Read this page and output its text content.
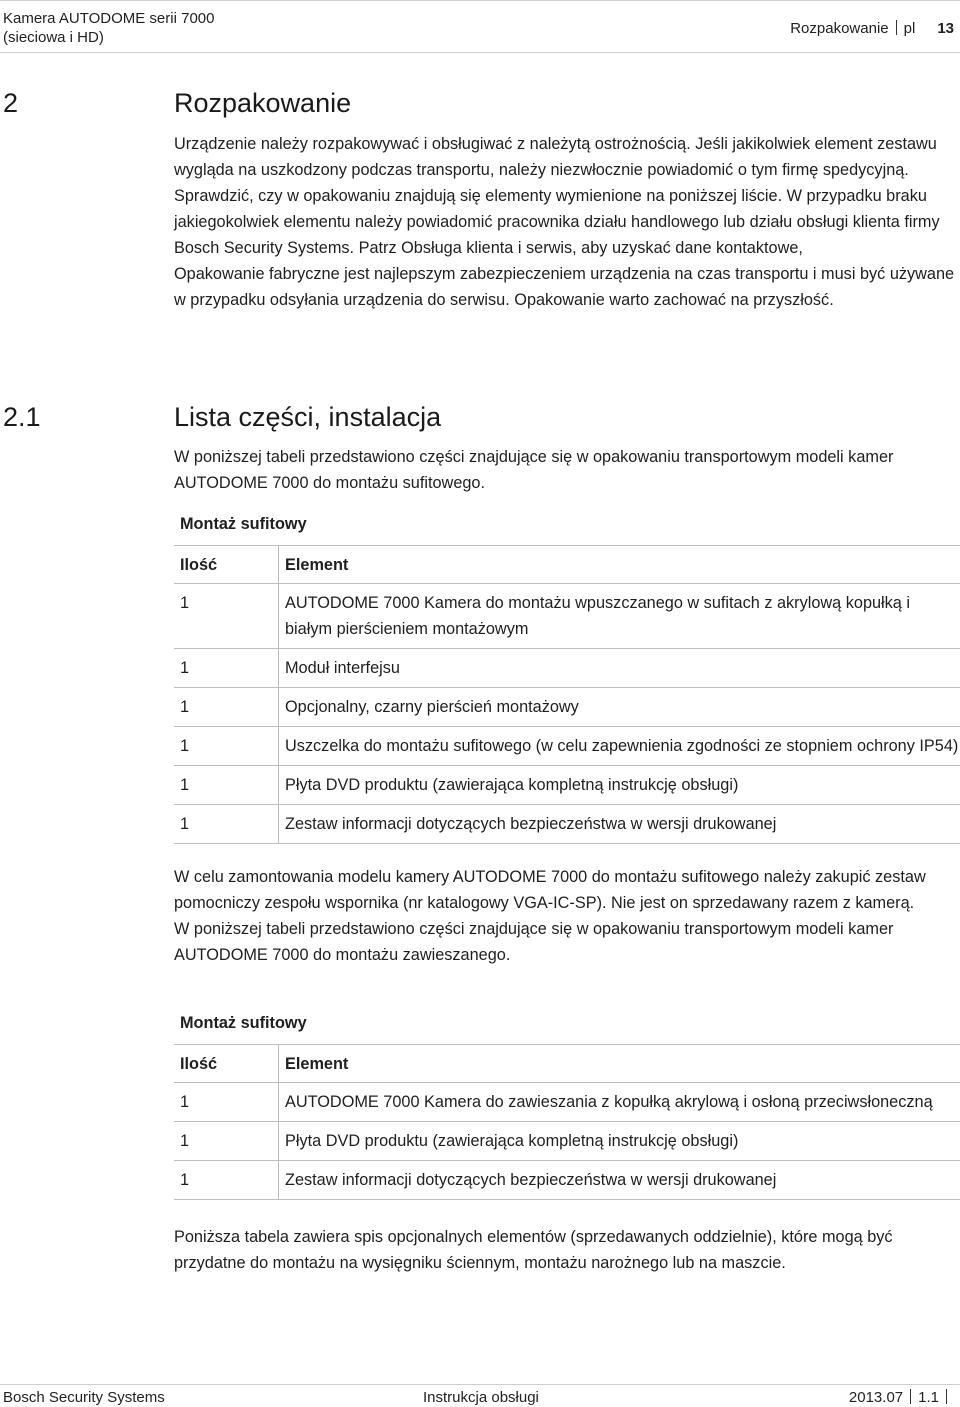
Kamera AUTODOME serii 7000
(sieciowa i HD)
Rozpakowanie pl 13
2	Rozpakowanie

Urządzenie należy rozpakowywać i obsługiwać z należytą ostrożnością. Jeśli jakikolwiek element zestawu wygląda na uszkodzony podczas transportu, należy niezwłocznie powiadomić o tym firmę spedycyjną.

Sprawdzić, czy w opakowaniu znajdują się elementy wymienione na poniższej liście. W przypadku braku jakiegokolwiek elementu należy powiadomić pracownika działu handlowego lub działu obsługi klienta firmy Bosch Security Systems. Patrz Obsługa klienta i serwis, aby uzyskać dane kontaktowe,

Opakowanie fabryczne jest najlepszym zabezpieczeniem urządzenia na czas transportu i musi być używane w przypadku odsyłania urządzenia do serwisu. Opakowanie warto zachować na przyszłość.

2.1	Lista części, instalacja
W poniższej tabeli przedstawiono części znajdujące się w opakowaniu transportowym modeli kamer AUTODOME 7000 do montażu sufitowego.
Montaż sufitowy	
Ilość	Element
1	AUTODOME 7000 Kamera do montażu wpuszczanego w sufitach z akrylową kopułką i białym pierścieniem montażowym
1	Moduł interfejsu
1	Opcjonalny, czarny pierścień montażowy
1	Uszczelka do montażu sufitowego (w celu zapewnienia zgodności ze stopniem ochrony IP54)
1	Płyta DVD produktu (zawierająca kompletną instrukcję obsługi)
1	Zestaw informacji dotyczących bezpieczeństwa w wersji drukowanej

W celu zamontowania modelu kamery AUTODOME 7000 do montażu sufitowego należy zakupić zestaw pomocniczy zespołu wspornika (nr katalogowy VGA-IC-SP). Nie jest on sprzedawany razem z kamerą.

W poniższej tabeli przedstawiono części znajdujące się w opakowaniu transportowym modeli kamer AUTODOME 7000 do montażu zawieszanego.

Montaż sufitowy	
Ilość	Element
1	AUTODOME 7000 Kamera do zawieszania z kopułką akrylową i osłoną przeciwsłoneczną
1	Płyta DVD produktu (zawierająca kompletną instrukcję obsługi)
1	Zestaw informacji dotyczących bezpieczeństwa w wersji drukowanej
Poniższa tabela zawiera spis opcjonalnych elementów (sprzedawanych oddzielnie), które mogą być przydatne do montażu na wysięgniku ściennym, montażu narożnego lub na maszcie.
Bosch Security Systems	Instrukcja obsługi	2013.07 1.1
